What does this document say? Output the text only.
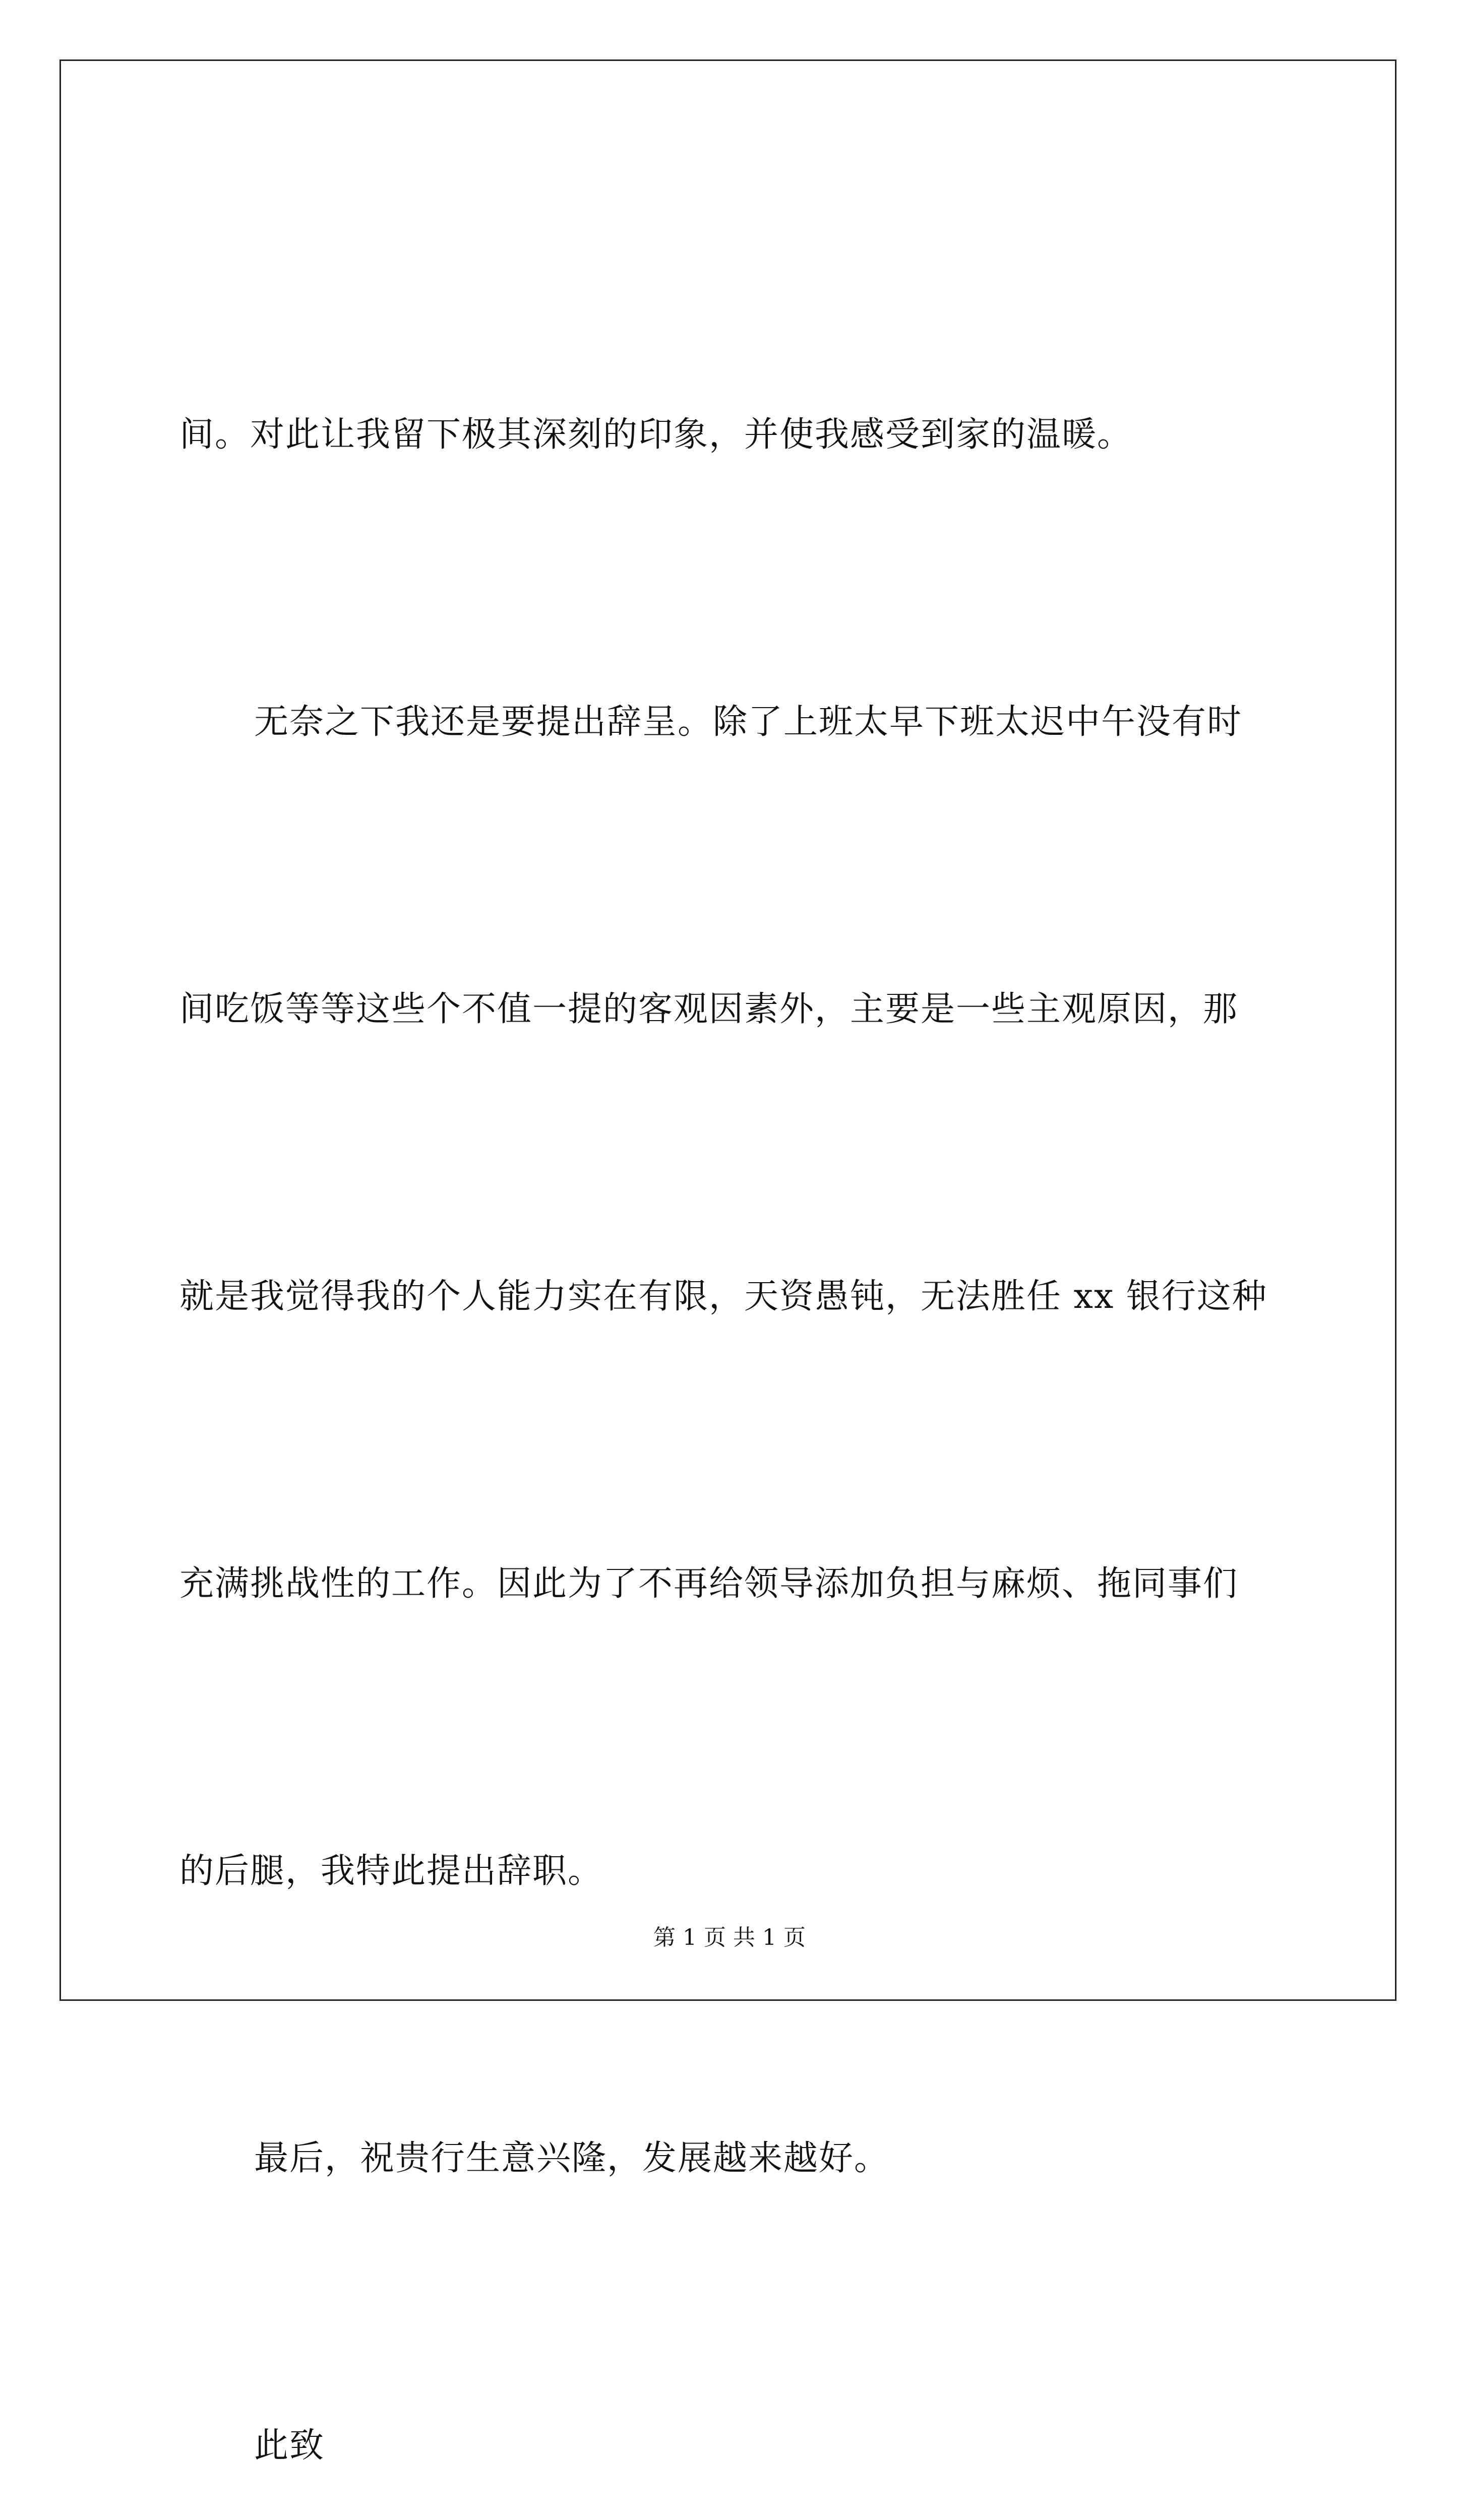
间。对此让我留下极其深刻的印象，并使我感受到家的温暖。

无奈之下我还是要提出辞呈。除了上班太早下班太迟中午没有时

间吃饭等等这些个不值一提的客观因素外，主要是一些主观原因，那

就是我觉得我的个人能力实在有限，天资愚钝，无法胜任 xx 银行这种

充满挑战性的工作。因此为了不再给领导添加负担与麻烦、拖同事们

的后腿，我特此提出辞职。

最后，祝贵行生意兴隆，发展越来越好。

此致

第 1 页 共 1 页
